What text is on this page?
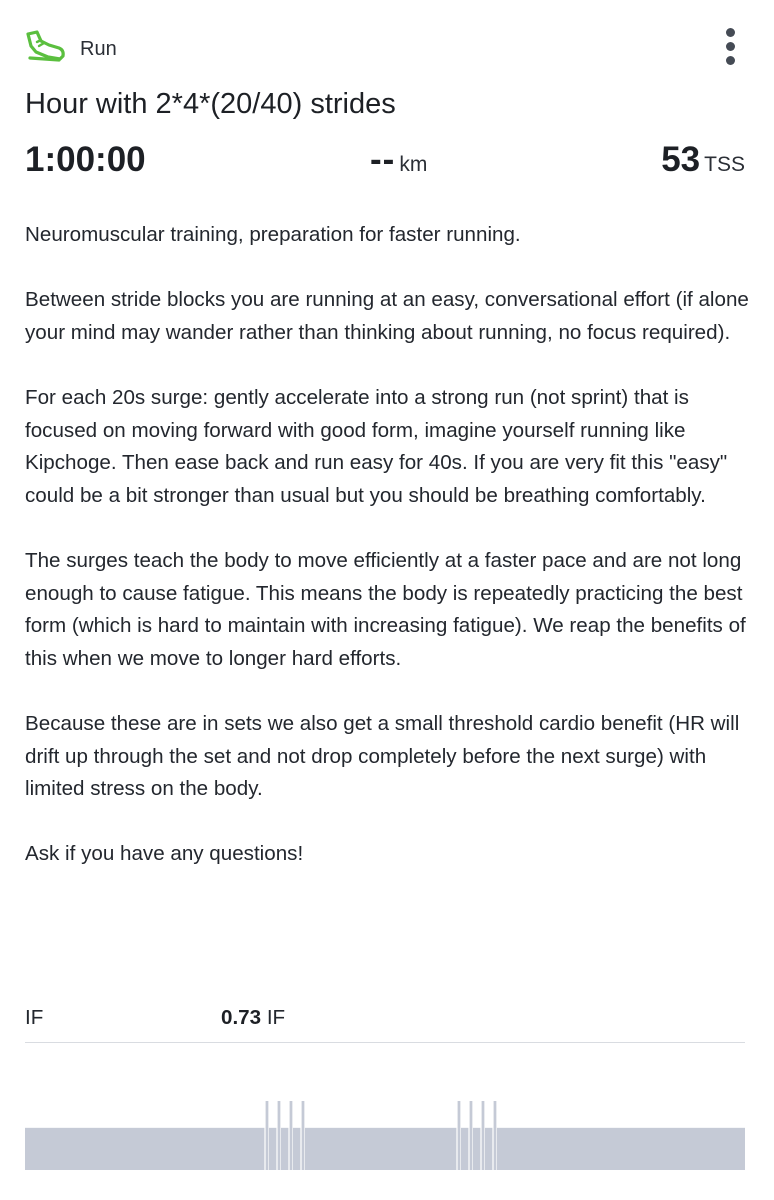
Run
Hour with 2*4*(20/40) strides
1:00:00	-- km	53 TSS

Neuromuscular training, preparation for faster running.

Between stride blocks you are running at an easy, conversational effort (if alone your mind may wander rather than thinking about running, no focus required).

For each 20s surge: gently accelerate into a strong run (not sprint) that is focused on moving forward with good form, imagine yourself running like Kipchoge. Then ease back and run easy for 40s. If you are very fit this "easy" could be a bit stronger than usual but you should be breathing comfortably.

The surges teach the body to move efficiently at a faster pace and are not long enough to cause fatigue. This means the body is repeatedly practicing the best form (which is hard to maintain with increasing fatigue). We reap the benefits of this when we move to longer hard efforts.

Because these are in sets we also get a small threshold cardio benefit (HR will drift up through the set and not drop completely before the next surge) with limited stress on the body.

Ask if you have any questions!

IF	0.73 IF
